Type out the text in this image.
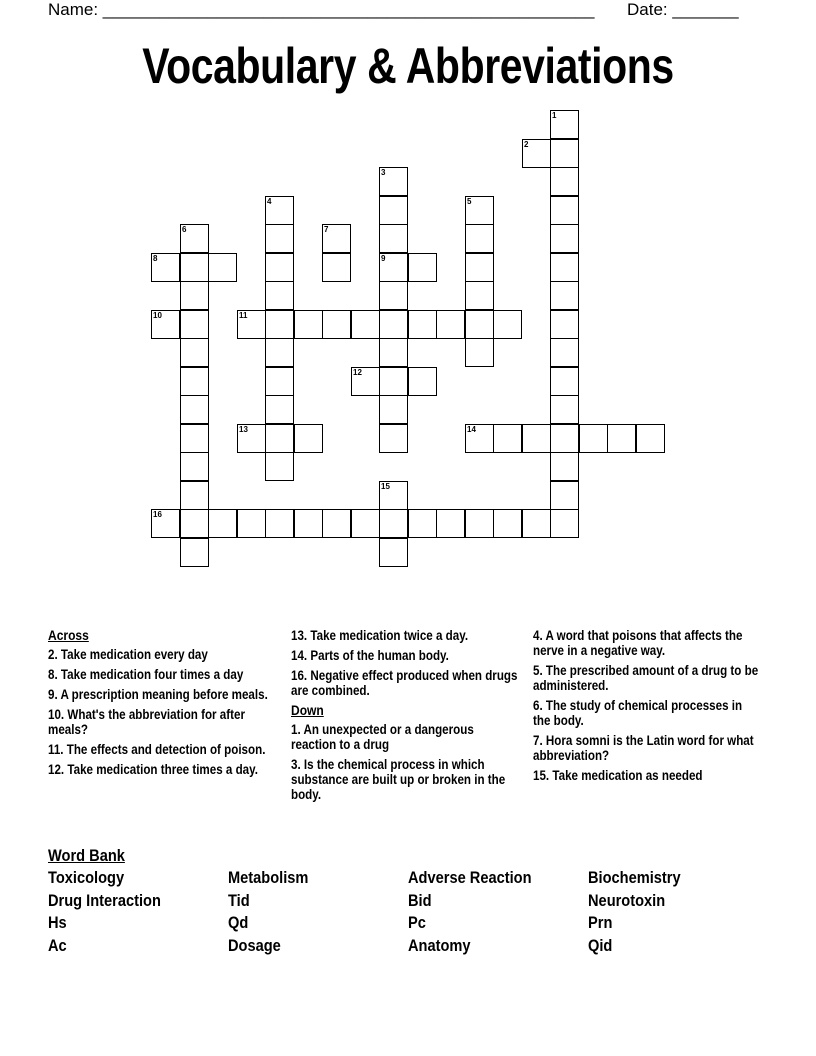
Name: ____________________________________________________ Date: _______
Vocabulary & Abbreviations
1
2
3
9
4	5
6	7
8
10	11
12
13	14
15
16
Across
2. Take medication every day
8. Take medication four times a day
9. A prescription meaning before meals.
10. What's the abbreviation for after meals?
11. The effects and detection of poison.
12. Take medication three times a day.
13. Take medication twice a day.
14. Parts of the human body.
16. Negative effect produced when drugs are combined.
Down
1. An unexpected or a dangerous reaction to a drug
3. Is the chemical process in which substance are built up or broken in the body.
4. A word that poisons that affects the nerve in a negative way.
5. The prescribed amount of a drug to be administered.
6. The study of chemical processes in the body.
7. Hora somni is the Latin word for what abbreviation?
15. Take medication as needed
Word Bank
Toxicology	Metabolism	Adverse Reaction	Biochemistry
Drug Interaction	Tid	Bid	Neurotoxin
Hs	Qd	Pc	Prn
Ac	Dosage	Anatomy	Qid
